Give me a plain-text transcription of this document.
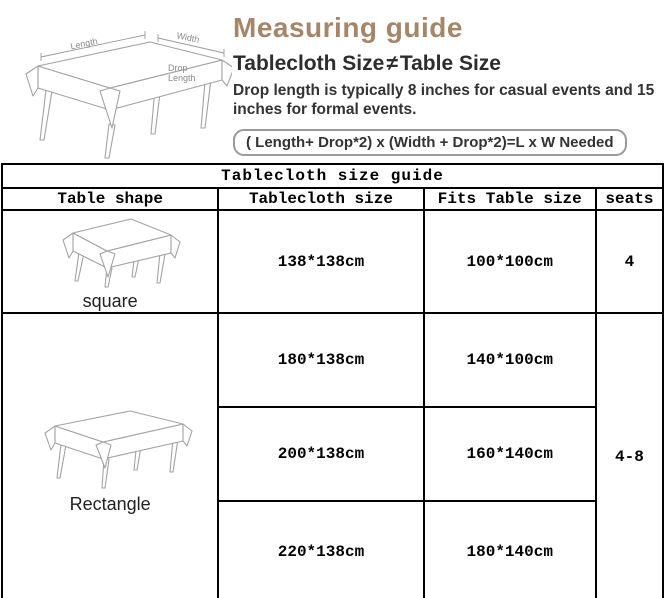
Length	Width
Drop
Length
Measuring guide
Tablecloth Size≠Table Size
Drop length is typically 8 inches for casual events and 15 inches for formal events.
( Length+ Drop*2) x (Width + Drop*2)=L x W Needed
Tablecloth size guide			
Table shape	Tablecloth size	Fits Table size	seats

square	138*138cm	100*100cm	4

Rectangle	180*138cm	140*100cm	4-8
	200*138cm	160*140cm	
	220*138cm	180*140cm	
